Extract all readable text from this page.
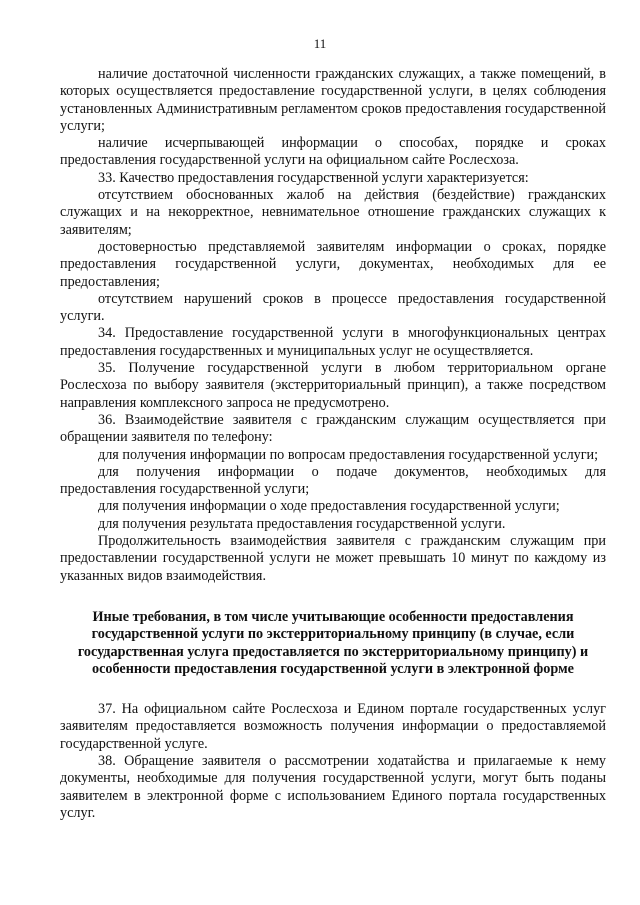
11

наличие достаточной численности гражданских служащих, а также помещений, в которых осуществляется предоставление государственной услуги, в целях соблюдения установленных Административным регламентом сроков предоставления государственной услуги;

наличие исчерпывающей информации о способах, порядке и сроках предоставления государственной услуги на официальном сайте Рослесхоза.

33. Качество предоставления государственной услуги характеризуется:

отсутствием обоснованных жалоб на действия (бездействие) гражданских служащих и на некорректное, невнимательное отношение гражданских служащих к заявителям;

достоверностью представляемой заявителям информации о сроках, порядке предоставления государственной услуги, документах, необходимых для ее предоставления;

отсутствием нарушений сроков в процессе предоставления государственной услуги.

34. Предоставление государственной услуги в многофункциональных центрах предоставления государственных и муниципальных услуг не осуществляется.

35. Получение государственной услуги в любом территориальном органе Рослесхоза по выбору заявителя (экстерриториальный принцип), а также посредством направления комплексного запроса не предусмотрено.

36. Взаимодействие заявителя с гражданским служащим осуществляется при обращении заявителя по телефону:

для получения информации по вопросам предоставления государственной услуги;

для получения информации о подаче документов, необходимых для предоставления государственной услуги;

для получения информации о ходе предоставления государственной услуги;

для получения результата предоставления государственной услуги.

Продолжительность взаимодействия заявителя с гражданским служащим при предоставлении государственной услуги не может превышать 10 минут по каждому из указанных видов взаимодействия.

Иные требования, в том числе учитывающие особенности предоставления государственной услуги по экстерриториальному принципу (в случае, если государственная услуга предоставляется по экстерриториальному принципу) и особенности предоставления государственной услуги в электронной форме

37. На официальном сайте Рослесхоза и Едином портале государственных услуг заявителям предоставляется возможность получения информации о предоставляемой государственной услуге.

38. Обращение заявителя о рассмотрении ходатайства и прилагаемые к нему документы, необходимые для получения государственной услуги, могут быть поданы заявителем в электронной форме с использованием Единого портала государственных услуг.
